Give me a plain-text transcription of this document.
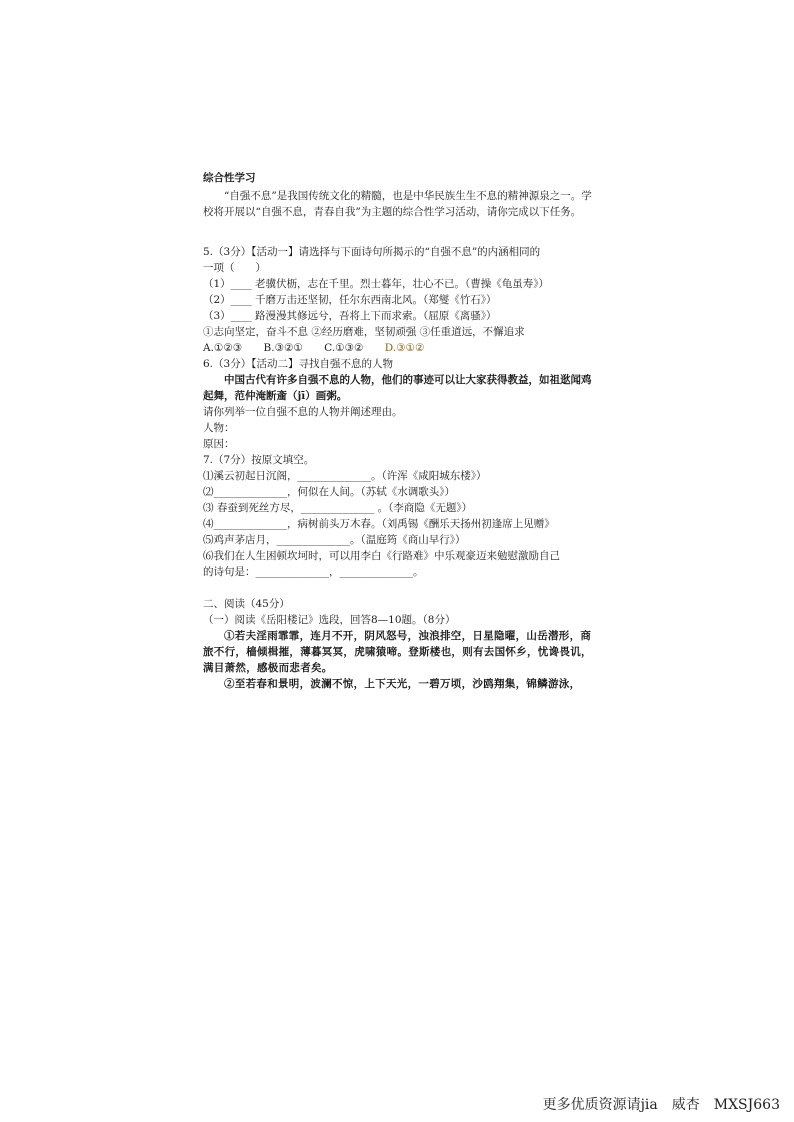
综合性学习

“自强不息”是我国传统文化的精髓，也是中华民族生生不息的精神源泉之一。学校将开展以“自强不息，青春自我”为主题的综合性学习活动，请你完成以下任务。

5.（3分）【活动一】请选择与下面诗句所揭示的“自强不息”的内涵相同的

一项（　　）

（1）____ 老骥伏枥，志在千里。烈士暮年，壮心不已。（曹操《龟虽寿》）

（2）____ 千磨万击还坚韧，任尔东西南北风。（郑燮《竹石》）

（3）____ 路漫漫其修远兮，吾将上下而求索。（屈原《离骚》）

①志向坚定，奋斗不息 ②经历磨难，坚韧顽强 ③任重道远，不懈追求

A.①②③ B.③②① C.①③② D.③①②

6.（3分）【活动二】寻找自强不息的人物

中国古代有许多自强不息的人物，他们的事迹可以让大家获得教益，如祖逖闻鸡起舞，范仲淹断齑（jī）画粥。

请你列举一位自强不息的人物并阐述理由。

人物：

原因：

7.（7分）按原文填空。

⑴溪云初起日沉阁，______________。（许浑《咸阳城东楼》）

⑵______________，何似在人间。（苏轼《水调歌头》）

⑶ 春蚕到死丝方尽，______________ 。（李商隐《无题》）

⑷______________，病树前头万木春。（刘禹锡《酬乐天扬州初逢席上见赠》

⑸鸡声茅店月，______________。（温庭筠《商山早行》）

⑹我们在人生困顿坎坷时，可以用李白《行路难》中乐观豪迈来勉慰激励自己

的诗句是：______________，______________。

二、阅读（45分）

（一）阅读《岳阳楼记》选段，回答8—10题。（8分）

①若夫淫雨霏霏，连月不开，阴风怒号，浊浪排空，日星隐曜，山岳潜形，商旅不行，樯倾楫摧，薄暮冥冥，虎啸猿啼。登斯楼也，则有去国怀乡，忧谗畏讥，满目萧然，感极而悲者矣。

②至若春和景明，波澜不惊，上下天光，一碧万顷，沙鸥翔集，锦鳞游泳，

更多优质资源请jia　威杏　MXSJ663
